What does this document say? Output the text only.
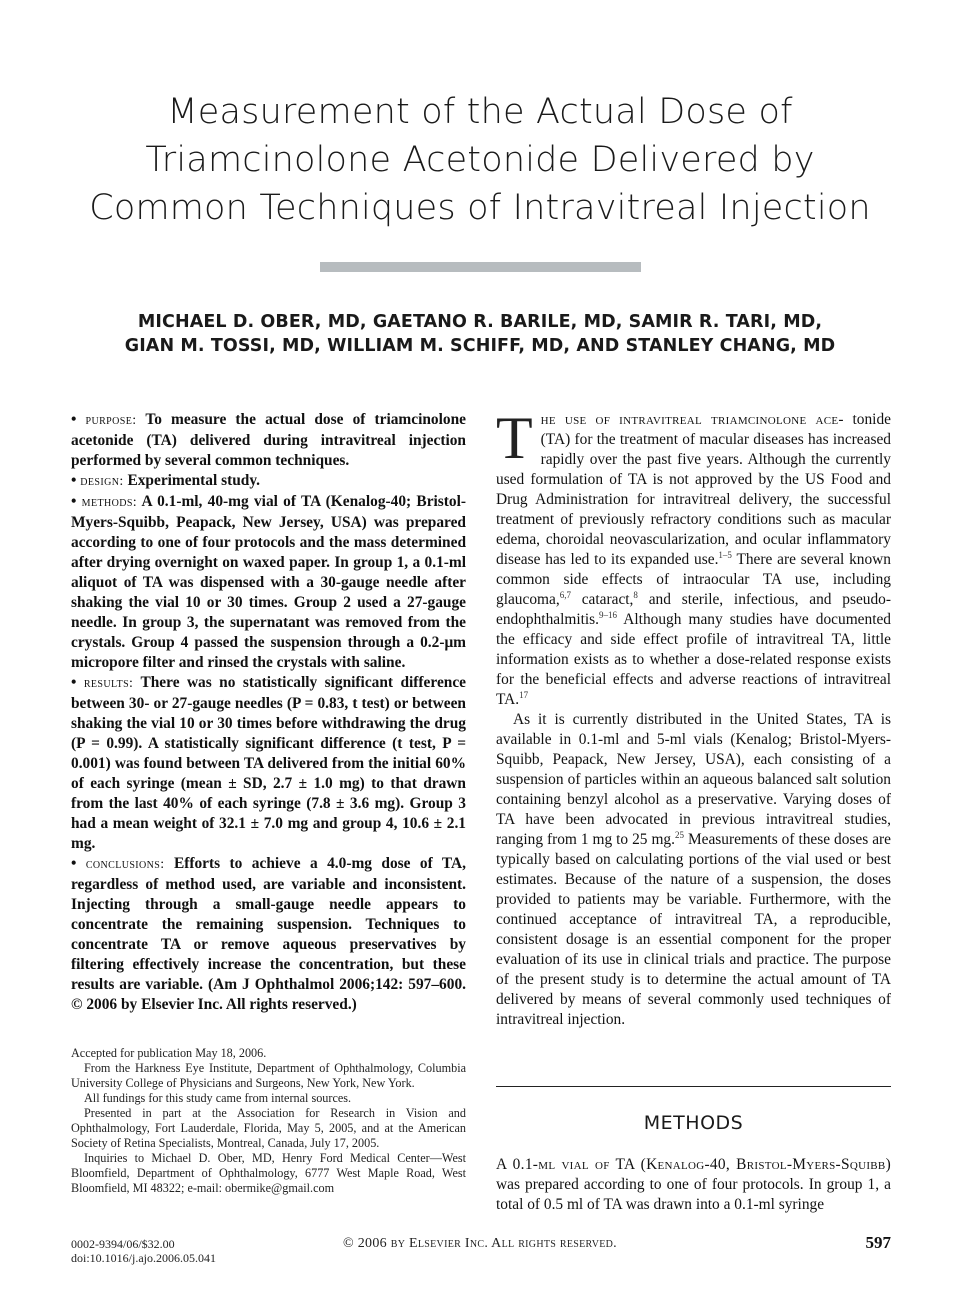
Measurement of the Actual Dose of
Triamcinolone Acetonide Delivered by
Common Techniques of Intravitreal Injection
MICHAEL D. OBER, MD, GAETANO R. BARILE, MD, SAMIR R. TARI, MD,
GIAN M. TOSSI, MD, WILLIAM M. SCHIFF, MD, AND STANLEY CHANG, MD

• purpose: To measure the actual dose of triamcinolone acetonide (TA) delivered during intravitreal injection performed by several common techniques.

• design: Experimental study.

• methods: A 0.1-ml, 40-mg vial of TA (Kenalog-40; Bristol-Myers-Squibb, Peapack, New Jersey, USA) was prepared according to one of four protocols and the mass determined after drying overnight on waxed paper. In group 1, a 0.1-ml aliquot of TA was dispensed with a 30-gauge needle after shaking the vial 10 or 30 times. Group 2 used a 27-gauge needle. In group 3, the supernatant was removed from the crystals. Group 4 passed the suspension through a 0.2-μm micropore filter and rinsed the crystals with saline.

• results: There was no statistically significant difference between 30- or 27-gauge needles (P = 0.83, t test) or between shaking the vial 10 or 30 times before withdrawing the drug (P = 0.99). A statistically significant difference (t test, P = 0.001) was found between TA delivered from the initial 60% of each syringe (mean ± SD, 2.7 ± 1.0 mg) to that drawn from the last 40% of each syringe (7.8 ± 3.6 mg). Group 3 had a mean weight of 32.1 ± 7.0 mg and group 4, 10.6 ± 2.1 mg.

• conclusions: Efforts to achieve a 4.0-mg dose of TA, regardless of method used, are variable and inconsistent. Injecting through a small-gauge needle appears to concentrate the remaining suspension. Techniques to concentrate TA or remove aqueous preservatives by filtering effectively increase the concentration, but these results are variable. (Am J Ophthalmol 2006;142: 597–600. © 2006 by Elsevier Inc. All rights reserved.)

Accepted for publication May 18, 2006.

From the Harkness Eye Institute, Department of Ophthalmology, Columbia University College of Physicians and Surgeons, New York, New York.

All fundings for this study came from internal sources.

Presented in part at the Association for Research in Vision and Ophthalmology, Fort Lauderdale, Florida, May 5, 2005, and at the American Society of Retina Specialists, Montreal, Canada, July 17, 2005.

Inquiries to Michael D. Ober, MD, Henry Ford Medical Center—West Bloomfield, Department of Ophthalmology, 6777 West Maple Road, West Bloomfield, MI 48322; e-mail: obermike@gmail.com

The use of intravitreal triamcinolone ace- tonide (TA) for the treatment of macular diseases has increased rapidly over the past five years. Although the currently used formulation of TA is not approved by the US Food and Drug Administration for intravitreal delivery, the successful treatment of previously refractory conditions such as macular edema, choroidal neovascularization, and ocular inflammatory disease has led to its expanded use.$^{1-5}$ There are several known common side effects of intraocular TA use, including glaucoma,$^{6,7}$ cataract,$^8$ and sterile, infectious, and pseudo-endophthalmitis.$^{9-16}$ Although many studies have documented the efficacy and side effect profile of intravitreal TA, little information exists as to whether a dose-related response exists for the beneficial effects and adverse reactions of intravitreal TA.$^{17}$

As it is currently distributed in the United States, TA is available in 0.1-ml and 5-ml vials (Kenalog; Bristol-Myers-Squibb, Peapack, New Jersey, USA), each consisting of a suspension of particles within an aqueous balanced salt solution containing benzyl alcohol as a preservative. Varying doses of TA have been advocated in previous intravitreal studies, ranging from 1 mg to 25 mg.$^{25}$ Measurements of these doses are typically based on calculating portions of the vial used or best estimates. Because of the nature of a suspension, the doses provided to patients may be variable. Furthermore, with the continued acceptance of intravitreal TA, a reproducible, consistent dosage is an essential component for the proper evaluation of its use in clinical trials and practice. The purpose of the present study is to determine the actual amount of TA delivered by means of several commonly used techniques of intravitreal injection.

METHODS

A 0.1-ml vial of TA (Kenalog-40, Bristol-Myers-Squibb) was prepared according to one of four protocols. In group 1, a total of 0.5 ml of TA was drawn into a 0.1-ml syringe

0002-9394/06/$32.00
doi:10.1016/j.ajo.2006.05.041
© 2006 by Elsevier Inc. All rights reserved.	597
